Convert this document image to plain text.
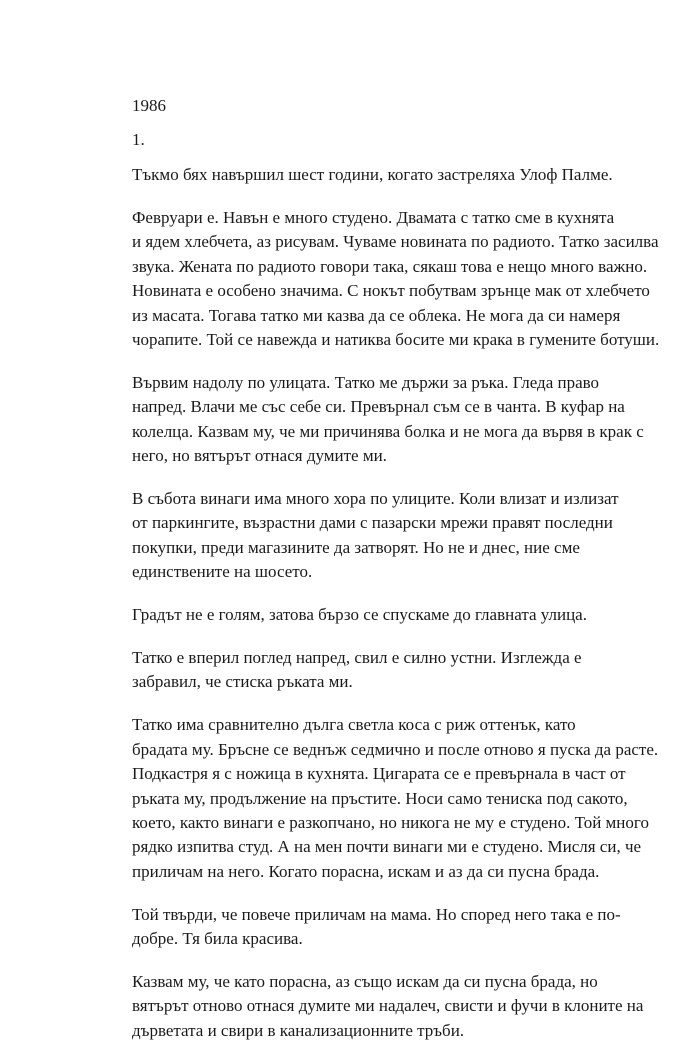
1986
1.
Тъкмо бях навършил шест години, когато застреляха Улоф Палме.
Февруари е. Навън е много студено. Двамата с татко сме в кухнята
и ядем хлебчета, аз рисувам. Чуваме новината по радиото. Татко засилва
звука. Жената по радиото говори така, сякаш това е нещо много важно.
Новината е особено значима. С нокът побутвам зрънце мак от хлебчето
из масата. Тогава татко ми казва да се облека. Не мога да си намеря
чорапите. Той се навежда и натиква босите ми крака в гумените ботуши.
Вървим надолу по улицата. Татко ме държи за ръка. Гледа право
напред. Влачи ме със себе си. Превърнал съм се в чанта. В куфар на
колелца. Казвам му, че ми причинява болка и не мога да вървя в крак с
него, но вятърът отнася думите ми.
В събота винаги има много хора по улиците. Коли влизат и излизат
от паркингите, възрастни дами с пазарски мрежи правят последни
покупки, преди магазините да затворят. Но не и днес, ние сме
единствените на шосето.
Градът не е голям, затова бързо се спускаме до главната улица.
Татко е вперил поглед напред, свил е силно устни. Изглежда е
забравил, че стиска ръката ми.
Татко има сравнително дълга светла коса с риж оттенък, като
брадата му. Бръсне се веднъж седмично и после отново я пуска да расте.
Подкастря я с ножица в кухнята. Цигарата се е превърнала в част от
ръката му, продължение на пръстите. Носи само тениска под сакото,
което, както винаги е разкопчано, но никога не му е студено. Той много
рядко изпитва студ. А на мен почти винаги ми е студено. Мисля си, че
приличам на него. Когато порасна, искам и аз да си пусна брада.
Той твърди, че повече приличам на мама. Но според него така е по-
добре. Тя била красива.
Казвам му, че като порасна, аз също искам да си пусна брада, но
вятърът отново отнася думите ми надалеч, свисти и фучи в клоните на
дърветата и свири в канализационните тръби.
